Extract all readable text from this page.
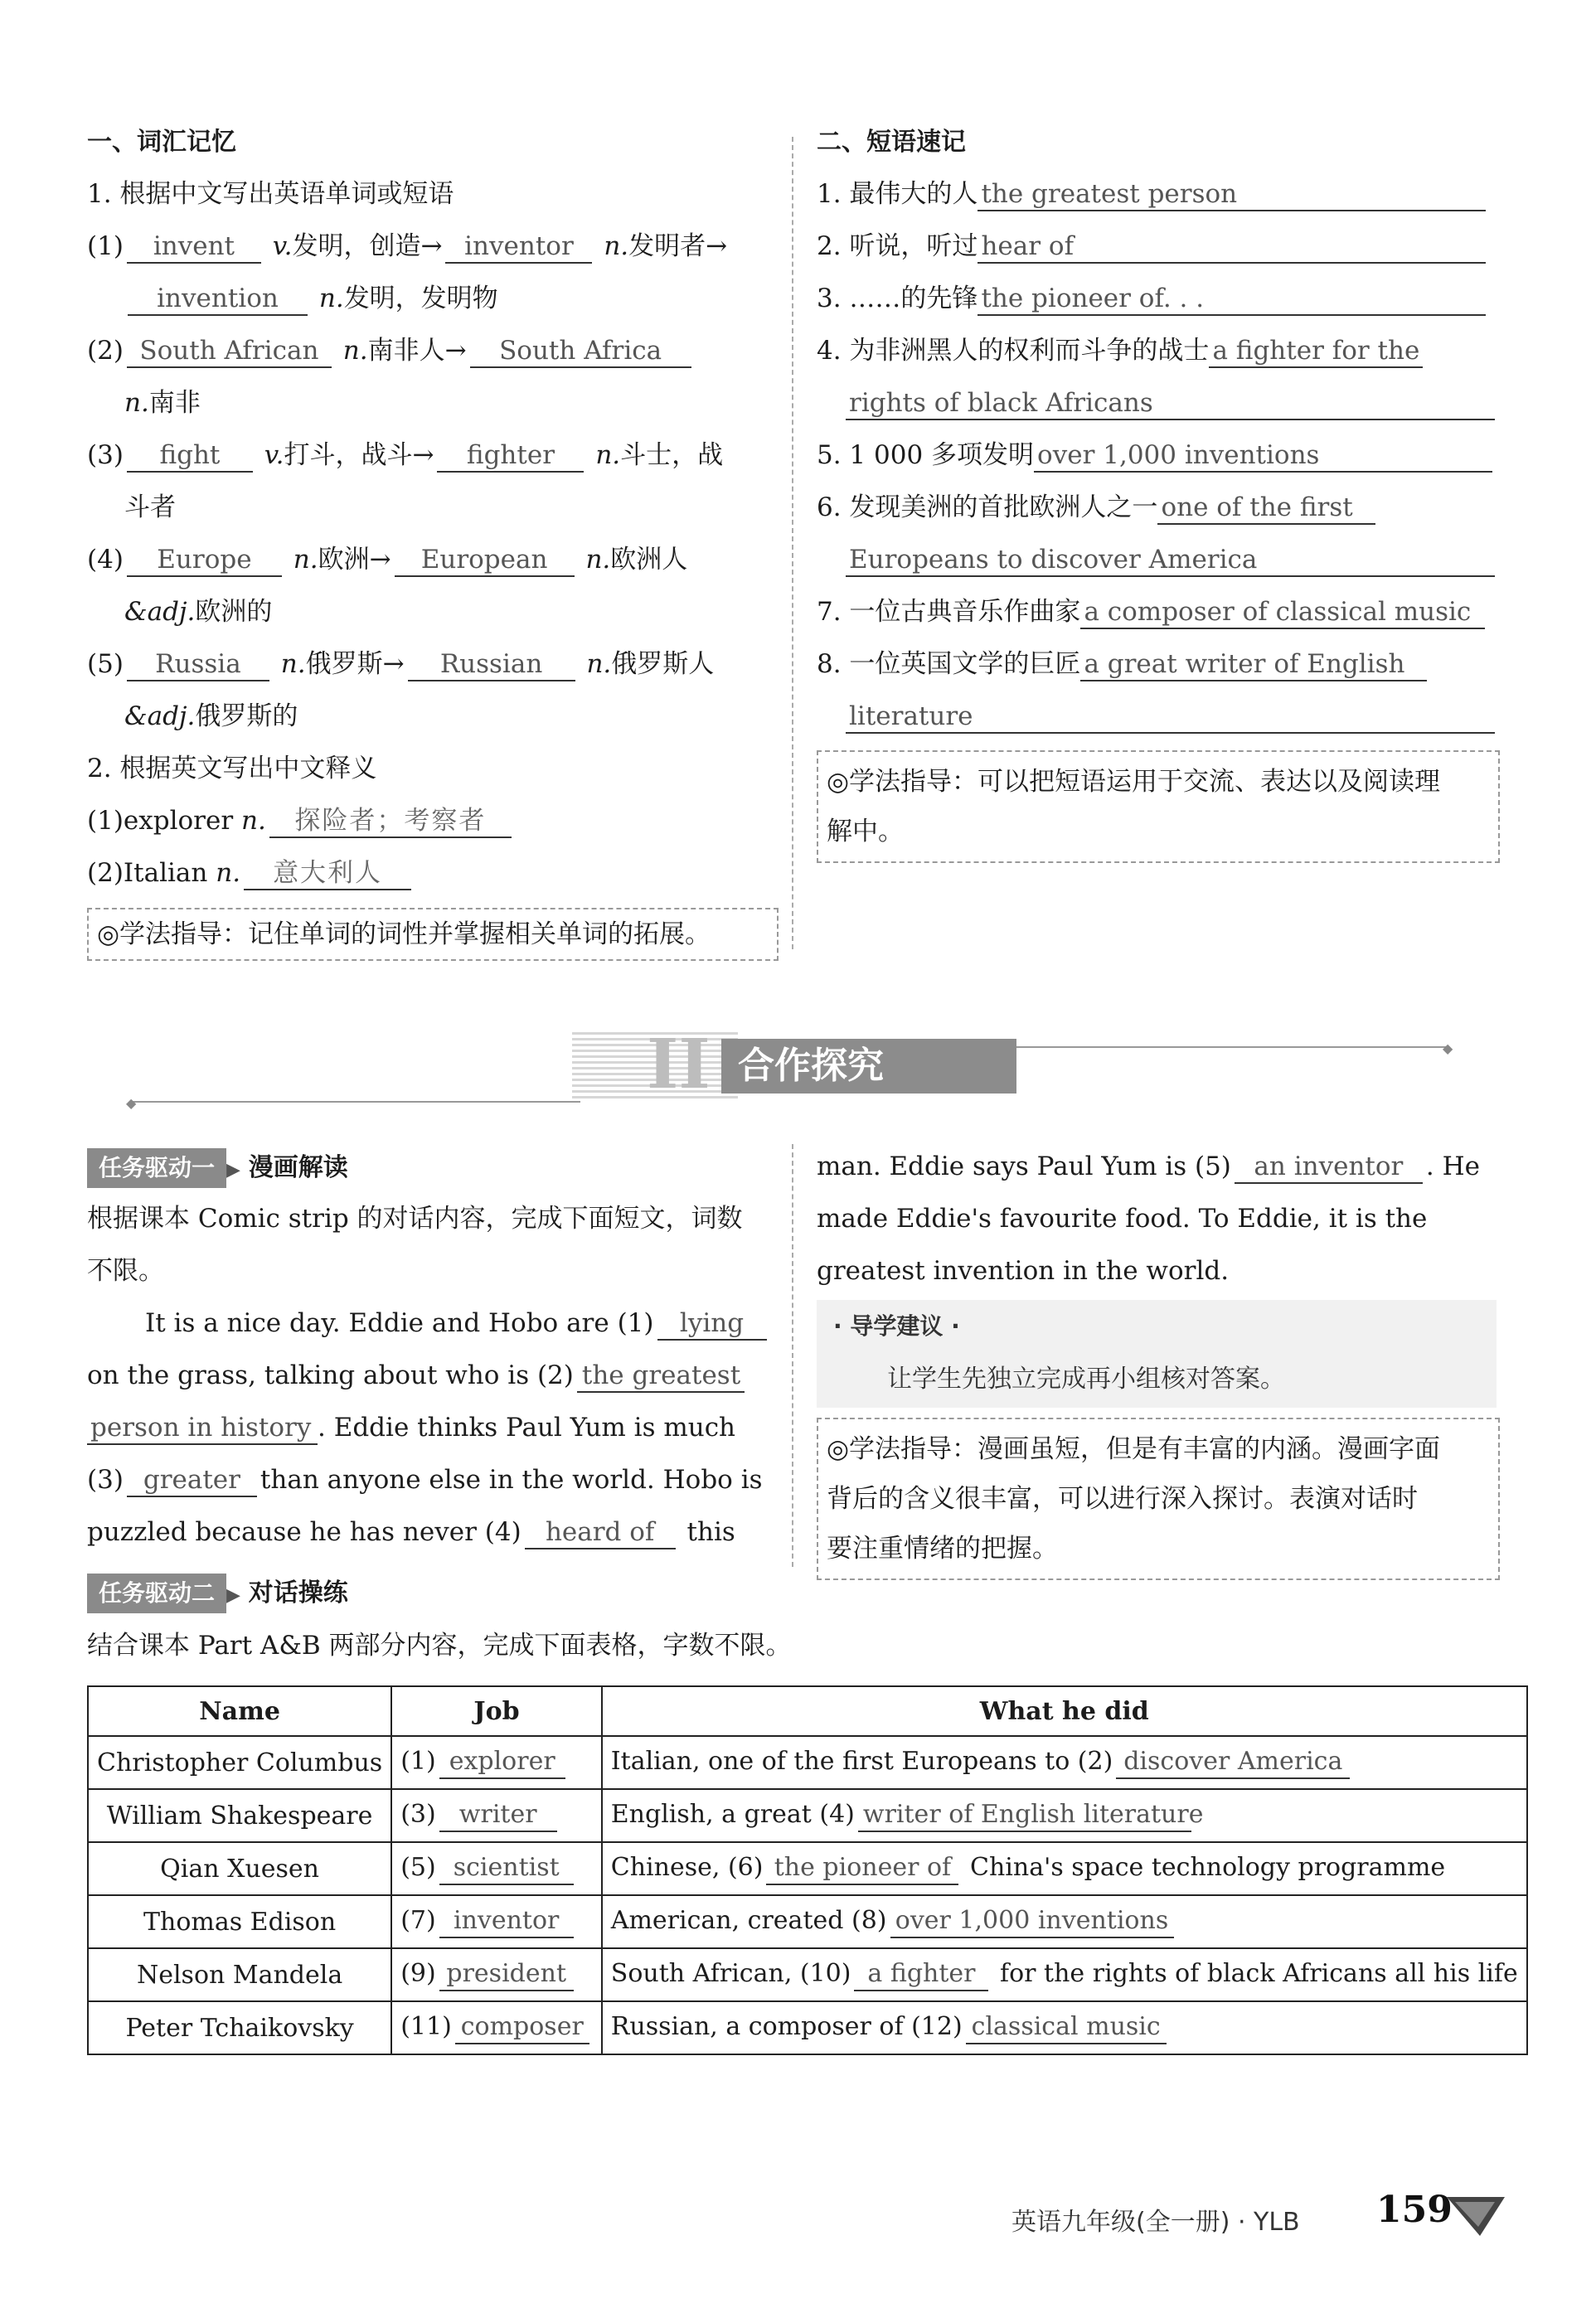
一、词汇记忆
1. 根据中文写出英语单词或短语
(1) invent v.发明，创造→ inventor n.发明者→
invention n.发明，发明物
(2) South African n.南非人→ South Africa
n.南非
(3) fight v.打斗，战斗→ fighter n.斗士，战
斗者
(4) Europe n.欧洲→ European n.欧洲人
&adj.欧洲的
(5) Russia n.俄罗斯→ Russian n.俄罗斯人
&adj.俄罗斯的
2. 根据英文写出中文释义
(1)explorer n. 探险者；考察者
(2)Italian n. 意大利人
◎学法指导：记住单词的词性并掌握相关单词的拓展。
二、短语速记
1. 最伟大的人 the greatest person
2. 听说，听过 hear of
3. ……的先锋 the pioneer of. . .
4. 为非洲黑人的权利而斗争的战士 a fighter for the
rights of black Africans
5. 1 000 多项发明 over 1,000 inventions
6. 发现美洲的首批欧洲人之一 one of the first
Europeans to discover America
7. 一位古典音乐作曲家 a composer of classical music
8. 一位英国文学的巨匠 a great writer of English
literature
◎学法指导：可以把短语运用于交流、表达以及阅读理
解中。
◆
◆
II 合作探究
任务驱动一 ▶ 漫画解读
根据课本 Comic strip 的对话内容，完成下面短文，词数
不限。
It is a nice day. Eddie and Hobo are (1) lying
on the grass, talking about who is (2) the greatest
person in history . Eddie thinks Paul Yum is much
(3) greater than anyone else in the world. Hobo is
puzzled because he has never (4) heard of this
man. Eddie says Paul Yum is (5) an inventor . He
made Eddie's favourite food. To Eddie, it is the
greatest invention in the world.
· 导学建议 ·
让学生先独立完成再小组核对答案。
◎学法指导：漫画虽短，但是有丰富的内涵。漫画字面
背后的含义很丰富，可以进行深入探讨。表演对话时
要注重情绪的把握。
任务驱动二 ▶ 对话操练
结合课本 Part A&B 两部分内容，完成下面表格，字数不限。
Name	Job	What he did
Christopher Columbus	(1) explorer	Italian, one of the first Europeans to (2) discover America
William Shakespeare	(3) writer	English, a great (4) writer of English literature
Qian Xuesen	(5) scientist	Chinese, (6) the pioneer of China's space technology programme
Thomas Edison	(7) inventor	American, created (8) over 1,000 inventions
Nelson Mandela	(9) president	South African, (10) a fighter for the rights of black Africans all his life
Peter Tchaikovsky	(11) composer	Russian, a composer of (12) classical music
英语九年级(全一册) · YLB 159
